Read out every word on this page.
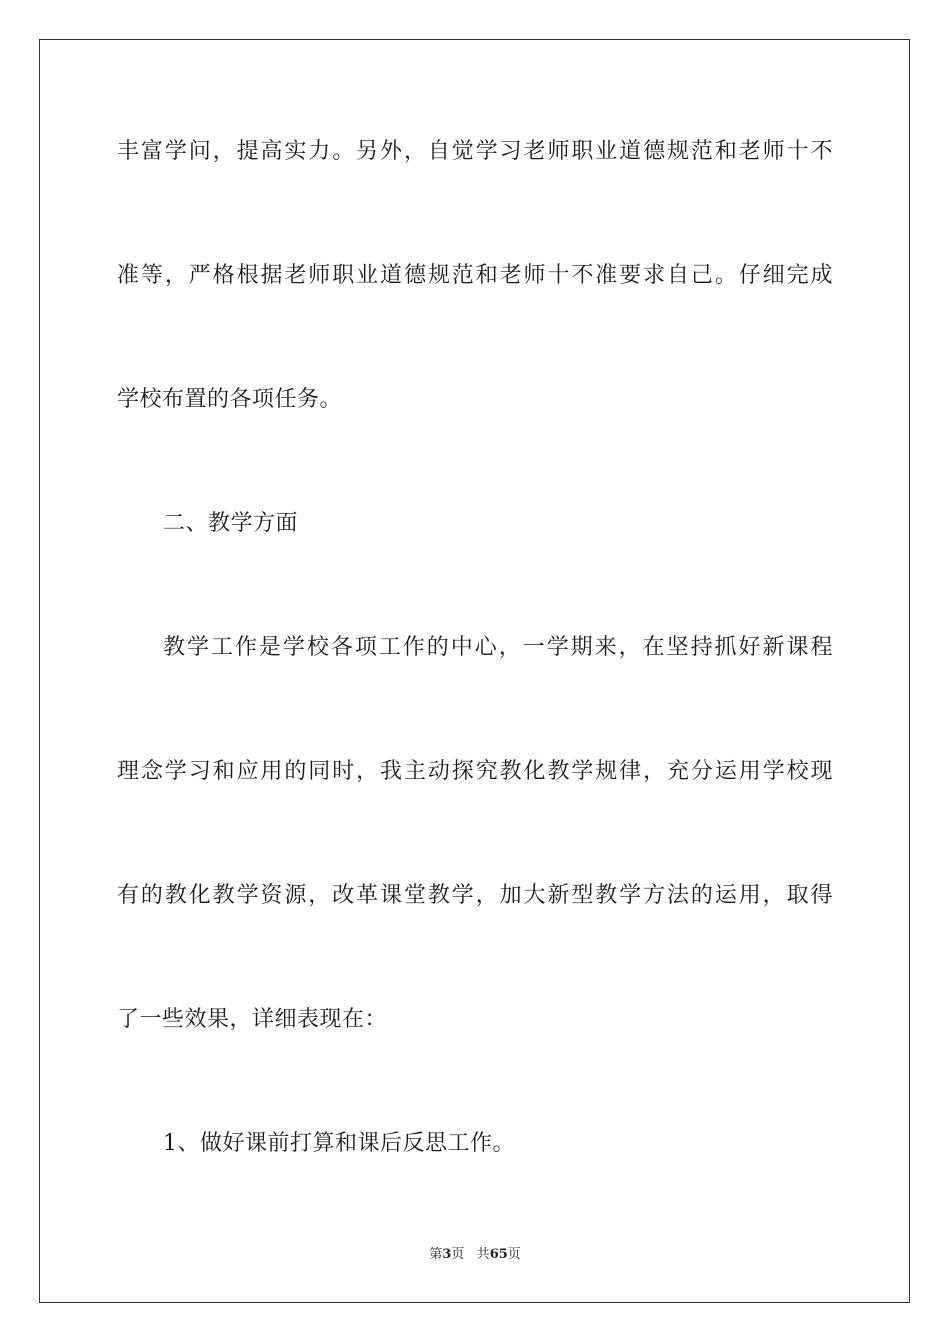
丰富学问，提高实力。另外，自觉学习老师职业道德规范和老师十不
准等，严格根据老师职业道德规范和老师十不准要求自己。仔细完成
学校布置的各项任务。
二、教学方面
教学工作是学校各项工作的中心，一学期来，在坚持抓好新课程
理念学习和应用的同时，我主动探究教化教学规律，充分运用学校现
有的教化教学资源，改革课堂教学，加大新型教学方法的运用，取得
了一些效果，详细表现在：
1、做好课前打算和课后反思工作。
第3页 共65页
